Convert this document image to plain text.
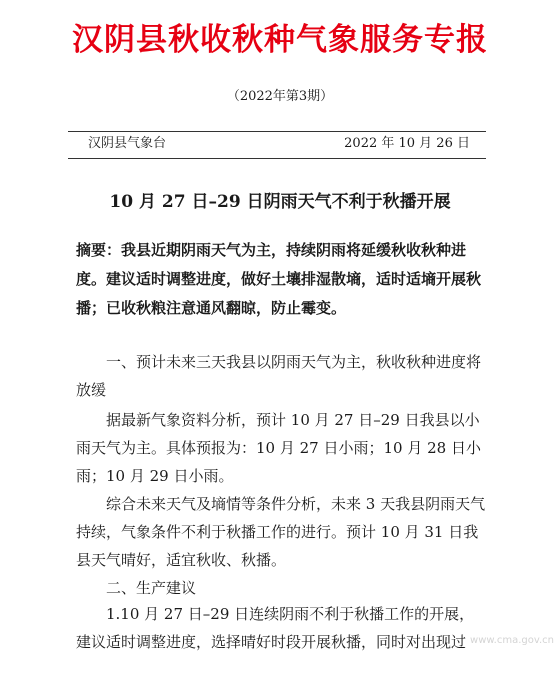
汉阴县秋收秋种气象服务专报
（2022年第3期）
汉阴县气象台	2022 年 10 月 26 日
10 月 27 日–29 日阴雨天气不利于秋播开展
摘要：我县近期阴雨天气为主，持续阴雨将延缓秋收秋种进度。建议适时调整进度，做好土壤排湿散墒，适时适墒开展秋播；已收秋粮注意通风翻晾，防止霉变。
一、预计未来三天我县以阴雨天气为主，秋收秋种进度将放缓
据最新气象资料分析，预计 10 月 27 日–29 日我县以小雨天气为主。具体预报为：10 月 27 日小雨；10 月 28 日小雨；10 月 29 日小雨。
综合未来天气及墒情等条件分析，未来 3 天我县阴雨天气持续，气象条件不利于秋播工作的进行。预计 10 月 31 日我县天气晴好，适宜秋收、秋播。
二、生产建议
1.10 月 27 日–29 日连续阴雨不利于秋播工作的开展，建议适时调整进度，选择晴好时段开展秋播，同时对出现过 www.cma.gov.cn
